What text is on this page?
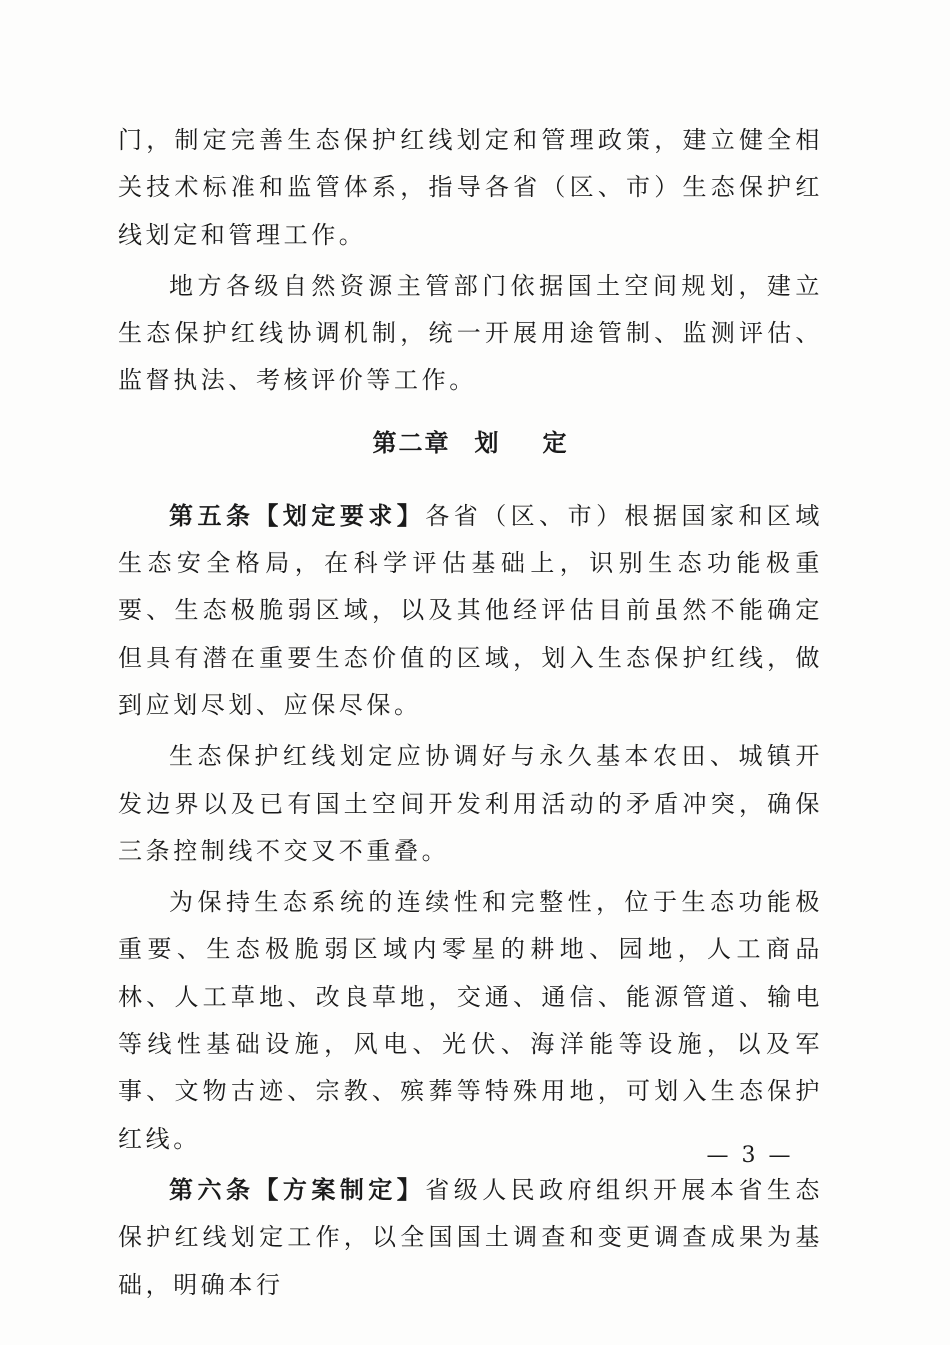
门，制定完善生态保护红线划定和管理政策，建立健全相关技术标准和监管体系，指导各省（区、市）生态保护红线划定和管理工作。

地方各级自然资源主管部门依据国土空间规划，建立生态保护红线协调机制，统一开展用途管制、监测评估、监督执法、考核评价等工作。

第二章 划 定

第五条【划定要求】各省（区、市）根据国家和区域生态安全格局，在科学评估基础上，识别生态功能极重要、生态极脆弱区域，以及其他经评估目前虽然不能确定但具有潜在重要生态价值的区域，划入生态保护红线，做到应划尽划、应保尽保。

生态保护红线划定应协调好与永久基本农田、城镇开发边界以及已有国土空间开发利用活动的矛盾冲突，确保三条控制线不交叉不重叠。

为保持生态系统的连续性和完整性，位于生态功能极重要、生态极脆弱区域内零星的耕地、园地，人工商品林、人工草地、改良草地，交通、通信、能源管道、输电等线性基础设施，风电、光伏、海洋能等设施，以及军事、文物古迹、宗教、殡葬等特殊用地，可划入生态保护红线。

第六条【方案制定】省级人民政府组织开展本省生态保护红线划定工作，以全国国土调查和变更调查成果为基础，明确本行

— 3 —
